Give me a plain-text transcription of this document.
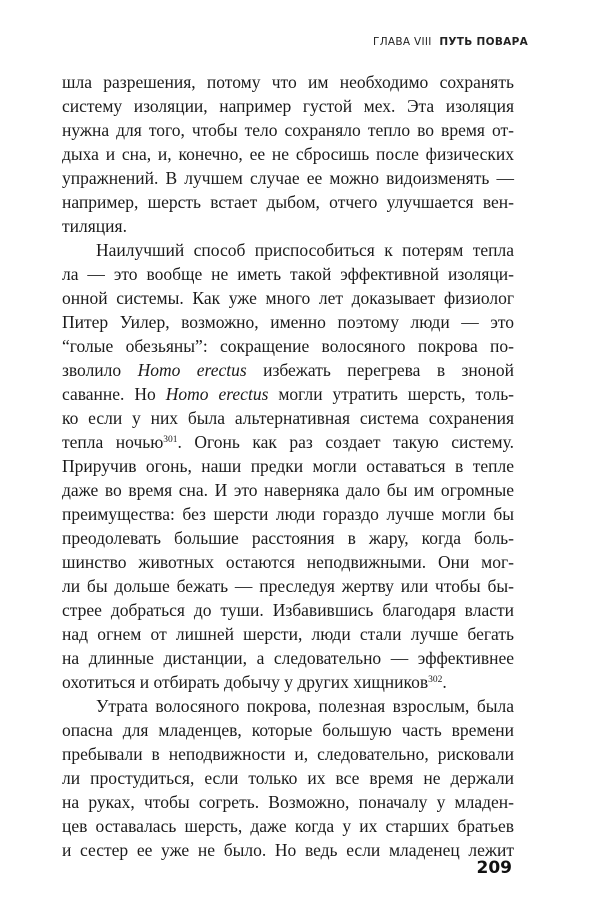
ГЛАВА VIII ПУТЬ ПОВАРА
шла разрешения, потому что им необходимо сохранять
систему изоляции, например густой мех. Эта изоляция
нужна для того, чтобы тело сохраняло тепло во время от-
дыха и сна, и, конечно, ее не сбросишь после физических
упражнений. В лучшем случае ее можно видоизменять —
например, шерсть встает дыбом, отчего улучшается вен-
тиляция.
Наилучший способ приспособиться к потерям тепла
ла — это вообще не иметь такой эффективной изоляци-
онной системы. Как уже много лет доказывает физиолог
Питер Уилер, возможно, именно поэтому люди — это
“голые обезьяны”: сокращение волосяного покрова по-
зволило Homo erectus избежать перегрева в зноной
саванне. Но Homo erectus могли утратить шерсть, толь-
ко если у них была альтернативная система сохранения
тепла ночью$^{301}$. Огонь как раз создает такую систему.
Приручив огонь, наши предки могли оставаться в тепле
даже во время сна. И это наверняка дало бы им огромные
преимущества: без шерсти люди гораздо лучше могли бы
преодолевать большие расстояния в жару, когда боль-
шинство животных остаются неподвижными. Они мог-
ли бы дольше бежать — преследуя жертву или чтобы бы-
стрее добраться до туши. Избавившись благодаря власти
над огнем от лишней шерсти, люди стали лучше бегать
на длинные дистанции, а следовательно — эффективнее
охотиться и отбирать добычу у других хищников$^{302}$.
Утрата волосяного покрова, полезная взрослым, была
опасна для младенцев, которые большую часть времени
пребывали в неподвижности и, следовательно, рисковали
ли простудиться, если только их все время не держали
на руках, чтобы согреть. Возможно, поначалу у младен-
цев оставалась шерсть, даже когда у их старших братьев
и сестер ее уже не было. Но ведь если младенец лежит
209
